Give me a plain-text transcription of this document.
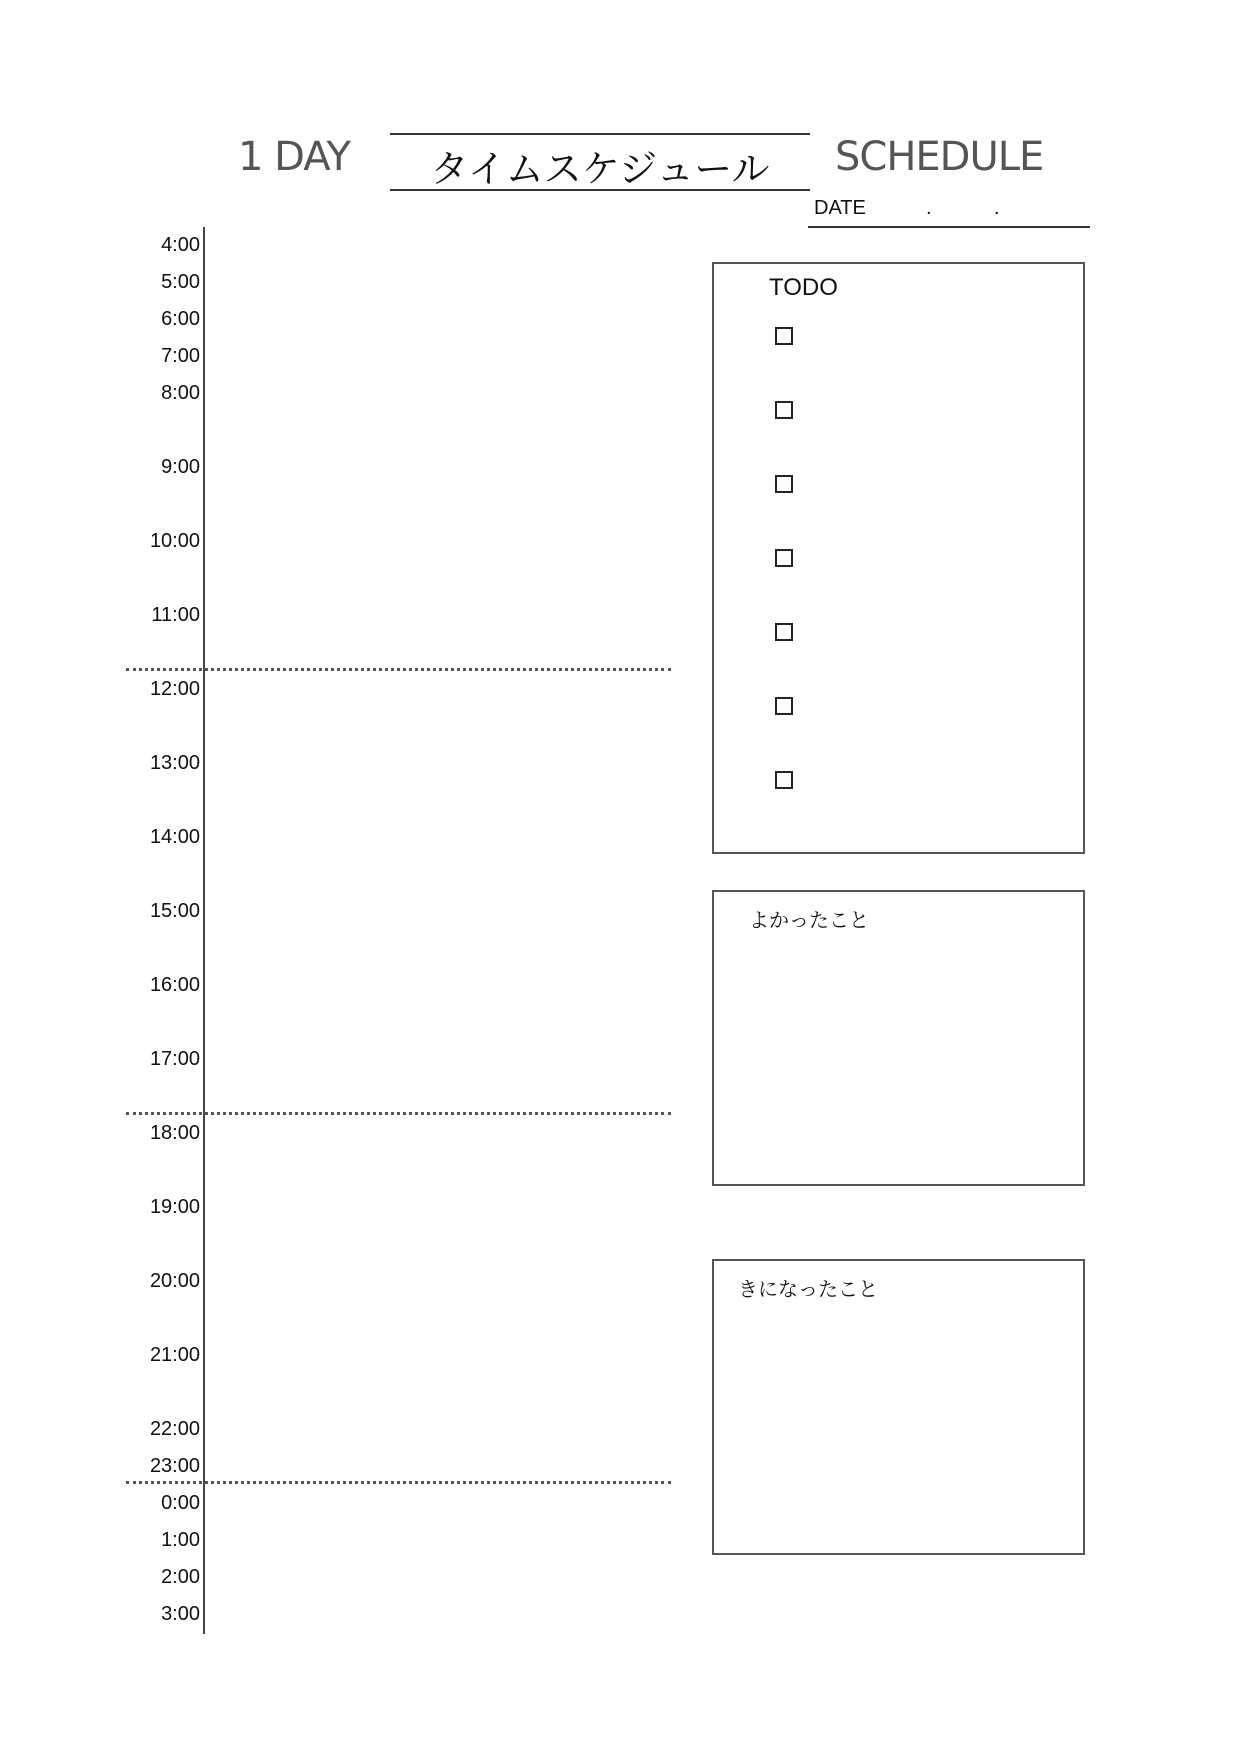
1 DAY	タイムスケジュール	SCHEDULE
DATE	.	.
4:00
5:00
6:00
7:00
8:00
9:00
10:00
11:00
12:00
13:00
14:00
15:00
16:00
17:00
18:00
19:00
20:00
21:00
22:00
23:00
0:00
1:00
2:00
3:00
TODO
よかったこと
きになったこと
